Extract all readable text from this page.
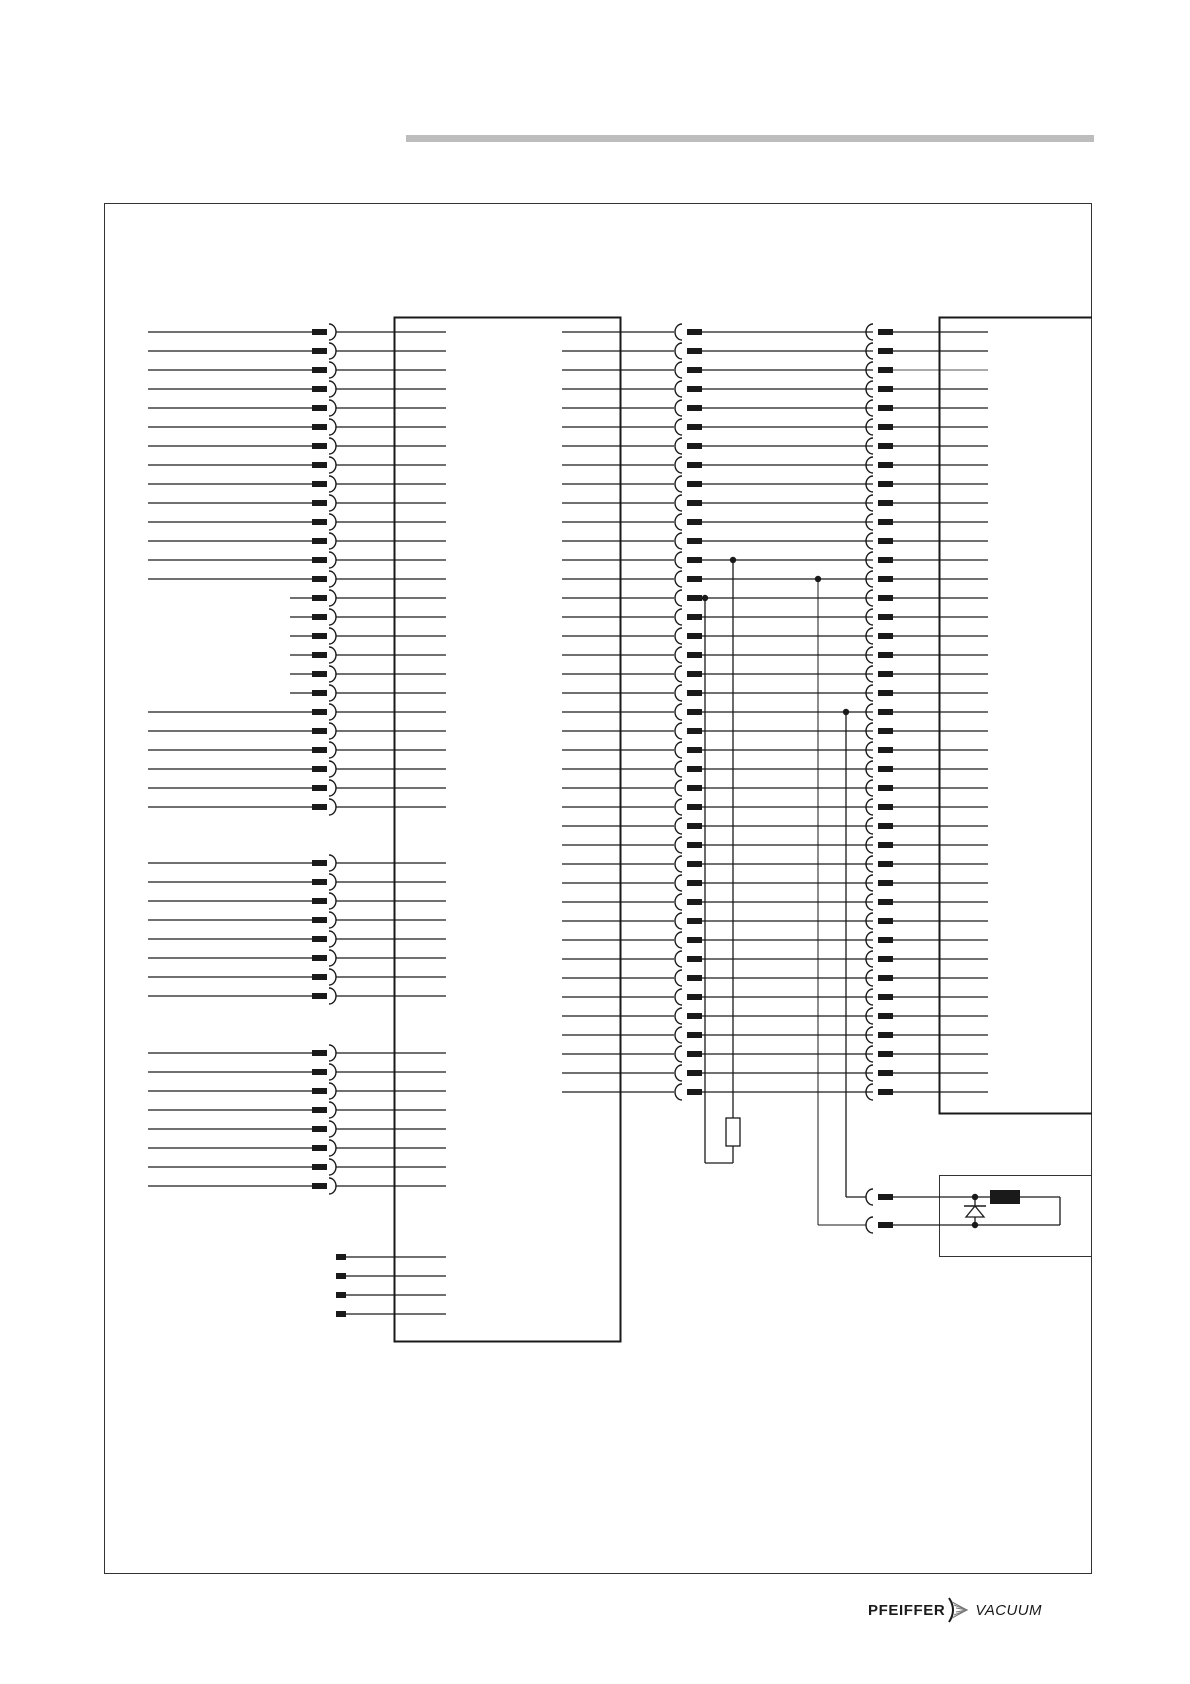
PFEIFFER VACUUM
